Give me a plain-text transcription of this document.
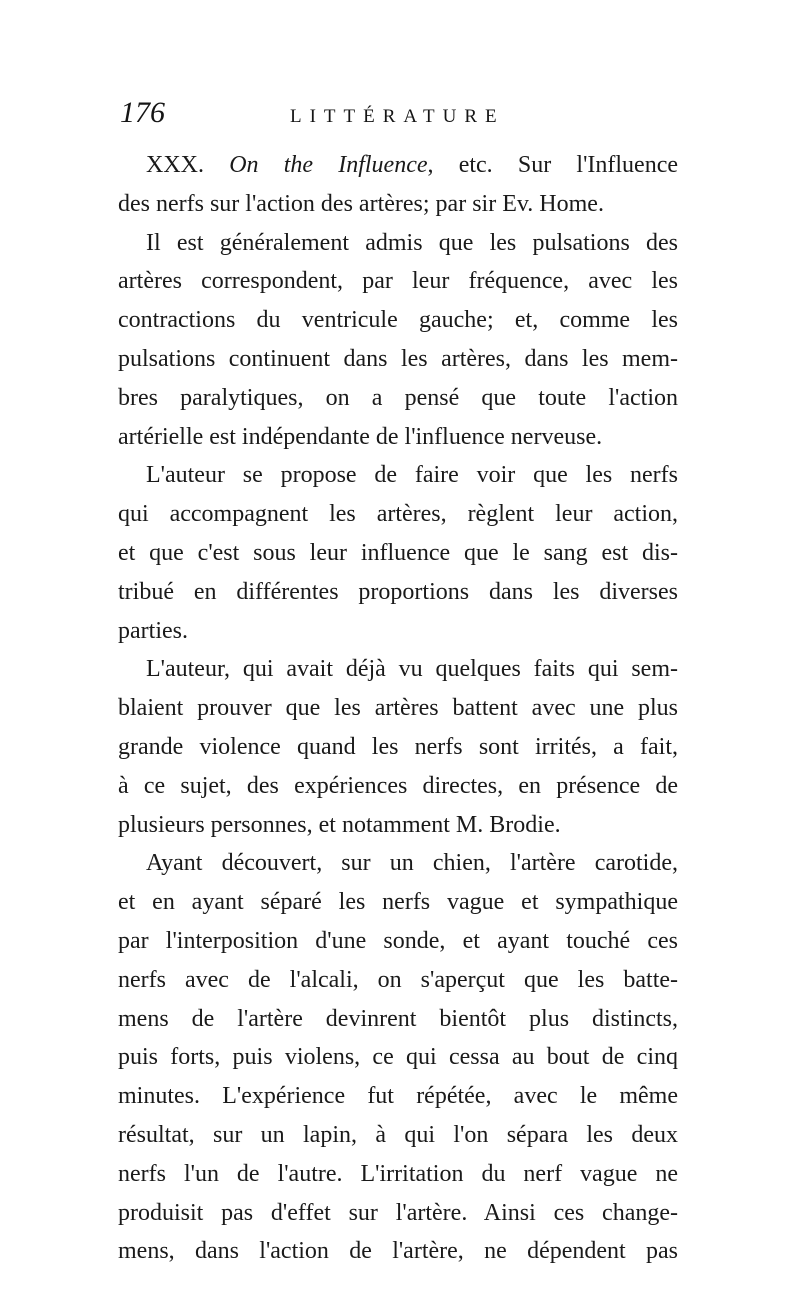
176	LITTÉRATURE
XXX. On the Influence, etc. Sur l'Influence
des nerfs sur l'action des artères; par sir Ev. Home.
Il est généralement admis que les pulsations des
artères correspondent, par leur fréquence, avec les
contractions du ventricule gauche; et, comme les
pulsations continuent dans les artères, dans les mem-
bres paralytiques, on a pensé que toute l'action
artérielle est indépendante de l'influence nerveuse.
L'auteur se propose de faire voir que les nerfs
qui accompagnent les artères, règlent leur action,
et que c'est sous leur influence que le sang est dis-
tribué en différentes proportions dans les diverses
parties.
L'auteur, qui avait déjà vu quelques faits qui sem-
blaient prouver que les artères battent avec une plus
grande violence quand les nerfs sont irrités, a fait,
à ce sujet, des expériences directes, en présence de
plusieurs personnes, et notamment M. Brodie.
Ayant découvert, sur un chien, l'artère carotide,
et en ayant séparé les nerfs vague et sympathique
par l'interposition d'une sonde, et ayant touché ces
nerfs avec de l'alcali, on s'aperçut que les batte-
mens de l'artère devinrent bientôt plus distincts,
puis forts, puis violens, ce qui cessa au bout de cinq
minutes. L'expérience fut répétée, avec le même
résultat, sur un lapin, à qui l'on sépara les deux
nerfs l'un de l'autre. L'irritation du nerf vague ne
produisit pas d'effet sur l'artère. Ainsi ces change-
mens, dans l'action de l'artère, ne dépendent pas
